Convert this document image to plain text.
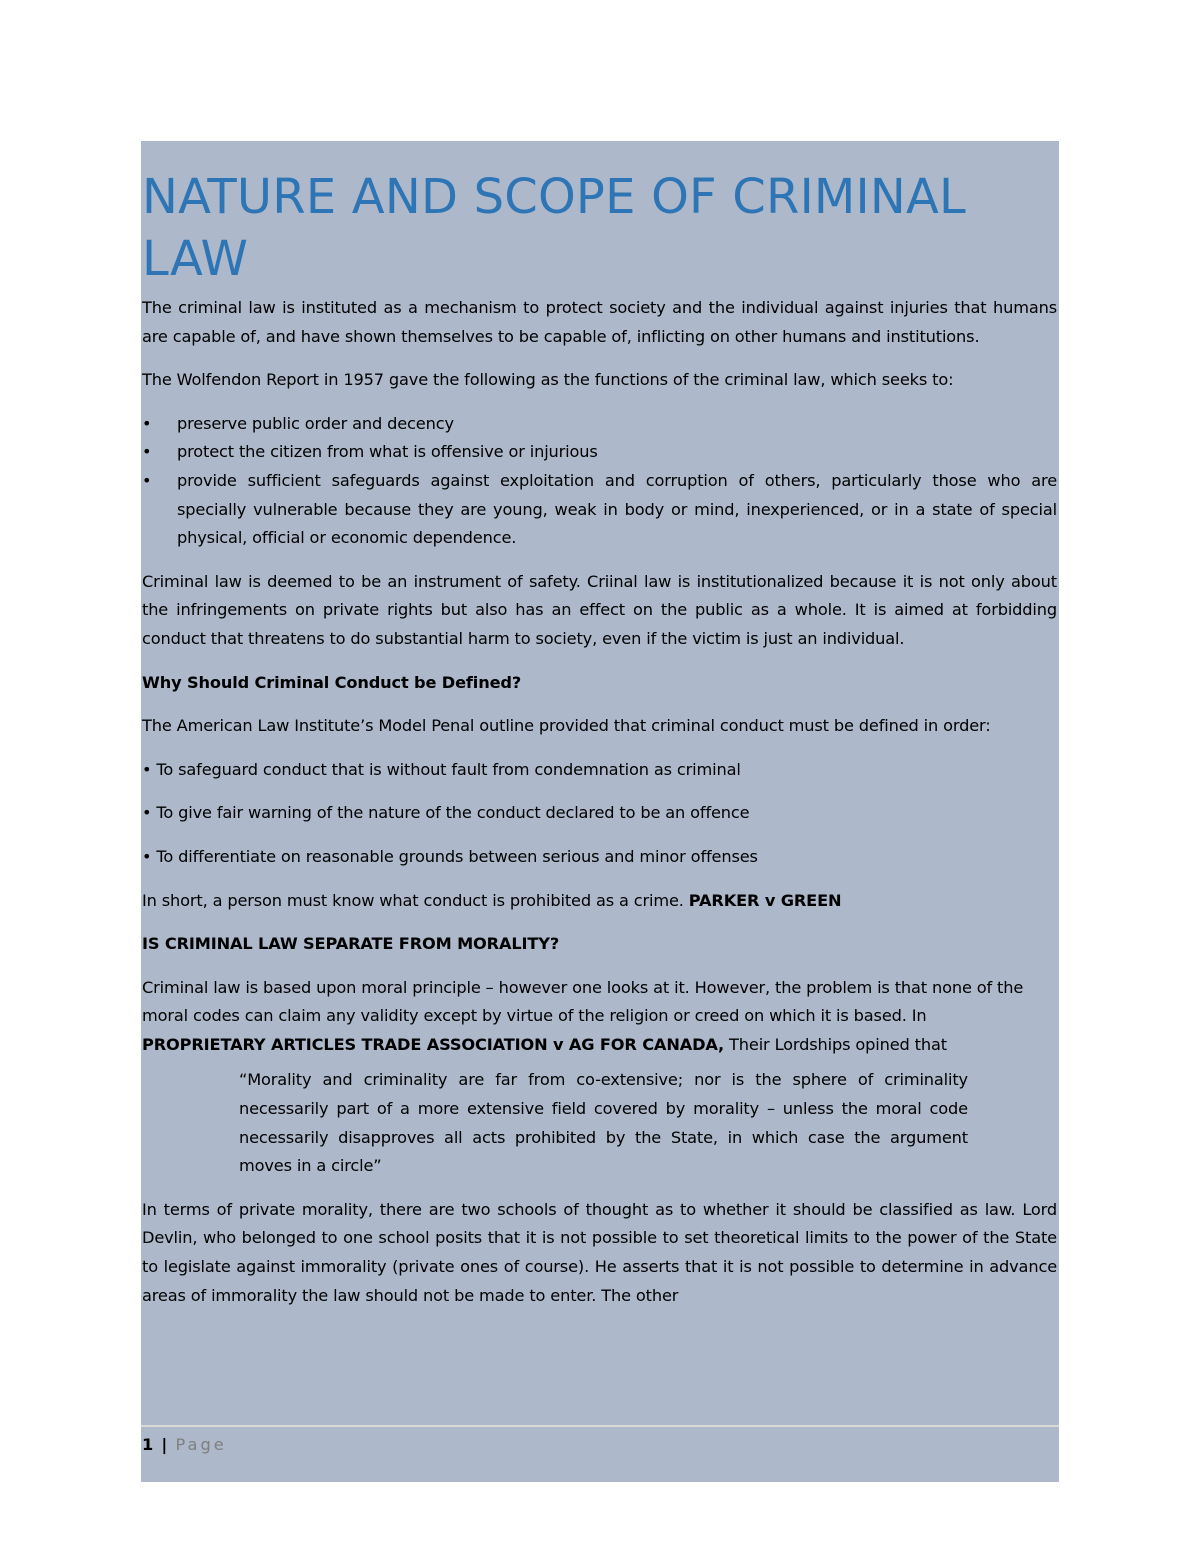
NATURE AND SCOPE OF CRIMINAL LAW

The criminal law is instituted as a mechanism to protect society and the individual against injuries that humans are capable of, and have shown themselves to be capable of, inflicting on other humans and institutions.

The Wolfendon Report in 1957 gave the following as the functions of the criminal law, which seeks to:

• preserve public order and decency
• protect the citizen from what is offensive or injurious
• provide sufficient safeguards against exploitation and corruption of others, particularly those who are specially vulnerable because they are young, weak in body or mind, inexperienced, or in a state of special physical, official or economic dependence.

Criminal law is deemed to be an instrument of safety. Criinal law is institutionalized because it is not only about the infringements on private rights but also has an effect on the public as a whole. It is aimed at forbidding conduct that threatens to do substantial harm to society, even if the victim is just an individual.

Why Should Criminal Conduct be Defined?

The American Law Institute’s Model Penal outline provided that criminal conduct must be defined in order:

• To safeguard conduct that is without fault from condemnation as criminal

• To give fair warning of the nature of the conduct declared to be an offence

• To differentiate on reasonable grounds between serious and minor offenses

In short, a person must know what conduct is prohibited as a crime. PARKER v GREEN

IS CRIMINAL LAW SEPARATE FROM MORALITY?

Criminal law is based upon moral principle – however one looks at it. However, the problem is that none of the moral codes can claim any validity except by virtue of the religion or creed on which it is based. In
PROPRIETARY ARTICLES TRADE ASSOCIATION v AG FOR CANADA, Their Lordships opined that

“Morality and criminality are far from co-extensive; nor is the sphere of criminality necessarily part of a more extensive field covered by morality – unless the moral code necessarily disapproves all acts prohibited by the State, in which case the argument moves in a circle”

In terms of private morality, there are two schools of thought as to whether it should be classified as law. Lord Devlin, who belonged to one school posits that it is not possible to set theoretical limits to the power of the State to legislate against immorality (private ones of course). He asserts that it is not possible to determine in advance areas of immorality the law should not be made to enter. The other

1 | Page
